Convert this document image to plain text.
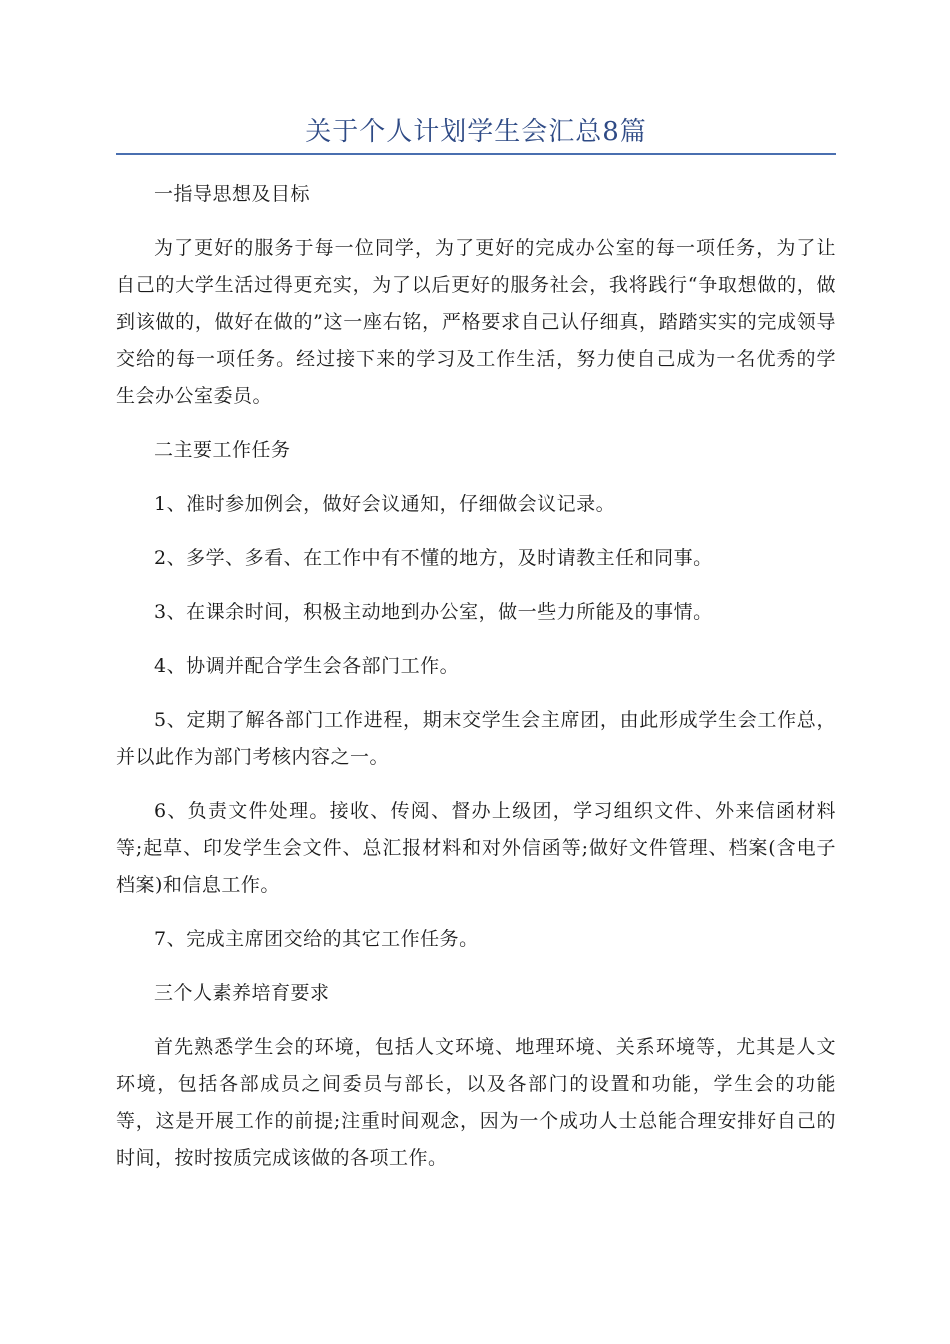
关于个人计划学生会汇总8篇

一指导思想及目标

为了更好的服务于每一位同学，为了更好的完成办公室的每一项任务，为了让自己的大学生活过得更充实，为了以后更好的服务社会，我将践行“争取想做的，做到该做的，做好在做的”这一座右铭，严格要求自己认仔细真，踏踏实实的完成领导交给的每一项任务。经过接下来的学习及工作生活，努力使自己成为一名优秀的学生会办公室委员。

二主要工作任务

1、准时参加例会，做好会议通知，仔细做会议记录。

2、多学、多看、在工作中有不懂的地方，及时请教主任和同事。

3、在课余时间，积极主动地到办公室，做一些力所能及的事情。

4、协调并配合学生会各部门工作。

5、定期了解各部门工作进程，期末交学生会主席团，由此形成学生会工作总，并以此作为部门考核内容之一。

6、负责文件处理。接收、传阅、督办上级团，学习组织文件、外来信函材料等;起草、印发学生会文件、总汇报材料和对外信函等;做好文件管理、档案(含电子档案)和信息工作。

7、完成主席团交给的其它工作任务。

三个人素养培育要求

首先熟悉学生会的环境，包括人文环境、地理环境、关系环境等，尤其是人文环境，包括各部成员之间委员与部长，以及各部门的设置和功能，学生会的功能等，这是开展工作的前提;注重时间观念，因为一个成功人士总能合理安排好自己的时间，按时按质完成该做的各项工作。
